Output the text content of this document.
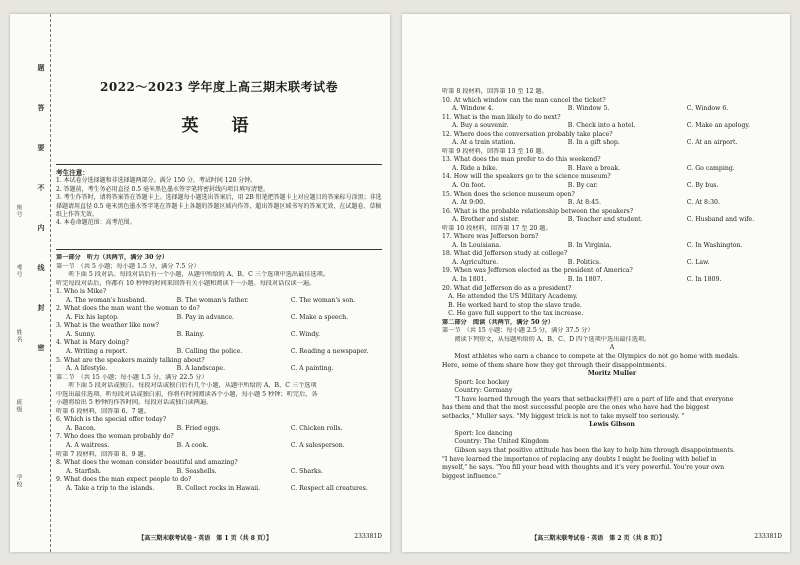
学校
班级
姓名
考号
座号
密
封
线
内
不
要
答
题
2022～2023 学年度上高三期末联考试卷
英　语
考生注意：
1. 本试卷分选择题和非选择题两部分。满分 150 分，考试时间 120 分钟。
2. 答题前，考生务必用直径 0.5 毫米黑色墨水签字笔将密封线内项目填写清楚。
3. 考生作答时，请将答案答在答题卡上。选择题每小题选出答案后，用 2B 铅笔把答题卡上对应题目的答案标号涂黑；非选择题请用直径 0.5 毫米黑色墨水签字笔在答题卡上各题的答题区域内作答，超出答题区域书写的答案无效，在试题卷、草稿纸上作答无效。
4. 本卷命题范围：高考范围。
第一部分　听力（共两节，满分 30 分）
第一节　（共 5 小题；每小题 1.5 分，满分 7.5 分）
　　听下面 5 段对话。每段对话后有一个小题，从题中所给的 A、B、C 三个选项中选出最佳选项。
听完每段对话后，你都有 10 秒钟的时间来回答有关小题和阅读下一小题。每段对话仅读一遍。
1. Who is Mike?
A. The woman's husband.	B. The woman's father.	C. The woman's son.
2. What does the man want the woman to do?
A. Fix his laptop.	B. Pay in advance.	C. Make a speech.
3. What is the weather like now?
A. Sunny.	B. Rainy.	C. Windy.
4. What is Mary doing?
A. Writing a report.	B. Calling the police.	C. Reading a newspaper.
5. What are the speakers mainly talking about?
A. A lifestyle.	B. A landscape.	C. A painting.
第二节　（共 15 小题；每小题 1.5 分，满分 22.5 分）
　　听下面 5 段对话或独白。每段对话或独白后有几个小题，从题中所给的 A、B、C 三个选项
中选出最佳选项。听每段对话或独白前，你将有时间阅读各个小题，每小题 5 秒钟；听完后，各
小题将给出 5 秒钟的作答时间。每段对话或独白读两遍。
听第 6 段材料，回答第 6、7 题。
6. Which is the special offer today?
A. Bacon.	B. Fried eggs.	C. Chicken rolls.
7. Who does the woman probably do?
A. A waitress.	B. A cook.	C. A salesperson.
听第 7 段材料，回答第 8、9 题。
8. What does the woman consider beautiful and amazing?
A. Starfish.	B. Seashells.	C. Sharks.
9. What does the man expect people to do?
A. Take a trip to the islands.	B. Collect rocks in Hawaii.	C. Respect all creatures.
【高三期末联考试卷・英语　第 1 页（共 8 页）】	233381D
听第 8 段材料，回答第 10 至 12 题。
10. At which window can the man cancel the ticket?
A. Window 4.	B. Window 5.	C. Window 6.
11. What is the man likely to do next?
A. Buy a souvenir.	B. Check into a hotel.	C. Make an apology.
12. Where does the conversation probably take place?
A. At a train station.	B. In a gift shop.	C. At an airport.
听第 9 段材料，回答第 13 至 16 题。
13. What does the man prefer to do this weekend?
A. Ride a bike.	B. Have a break.	C. Go camping.
14. How will the speakers go to the science museum?
A. On foot.	B. By car.	C. By bus.
15. When does the science museum open?
A. At 9:00.	B. At 8:45.	C. At 8:30.
16. What is the probable relationship between the speakers?
A. Brother and sister.	B. Teacher and student.	C. Husband and wife.
听第 10 段材料，回答第 17 至 20 题。
17. Where was Jefferson born?
A. In Louisiana.	B. In Virginia.	C. In Washington.
18. What did Jefferson study at college?
A. Agriculture.	B. Politics.	C. Law.
19. When was Jefferson elected as the president of America?
A. In 1801.	B. In 1807.	C. In 1809.
20. What did Jefferson do as a president?
　A. He attended the US Military Academy.
　B. He worked hard to stop the slave trade.
　C. He gave full support to the tax increase.
第二部分　阅读（共两节，满分 50 分）
第一节　（共 15 小题；每小题 2.5 分，满分 37.5 分）
　　阅读下列短文，从每题所给的 A、B、C、D 四个选项中选出最佳选项。
A
　　Most athletes who earn a chance to compete at the Olympics do not go home with medals.
Here, some of them share how they get through their disappointments.
Moritz Muller
　　Sport: Ice hockey
　　Country: Germany
　　"I have learned through the years that setbacks(挫折) are a part of life and that everyone
has them and that the most successful people are the ones who have had the biggest
setbacks," Muller says. "My biggest trick is not to take myself too seriously. "
Lewis Gibson
　　Sport: Ice dancing
　　Country: The United Kingdom
　　Gibson says that positive attitude has been the key to help him through disappointments.
"I have learned the importance of replacing any doubts I might be feeling with belief in
myself," he says. "You fill your head with thoughts and it's very powerful. You're your own
biggest influence."
【高三期末联考试卷・英语　第 2 页（共 8 页）】	233381D
